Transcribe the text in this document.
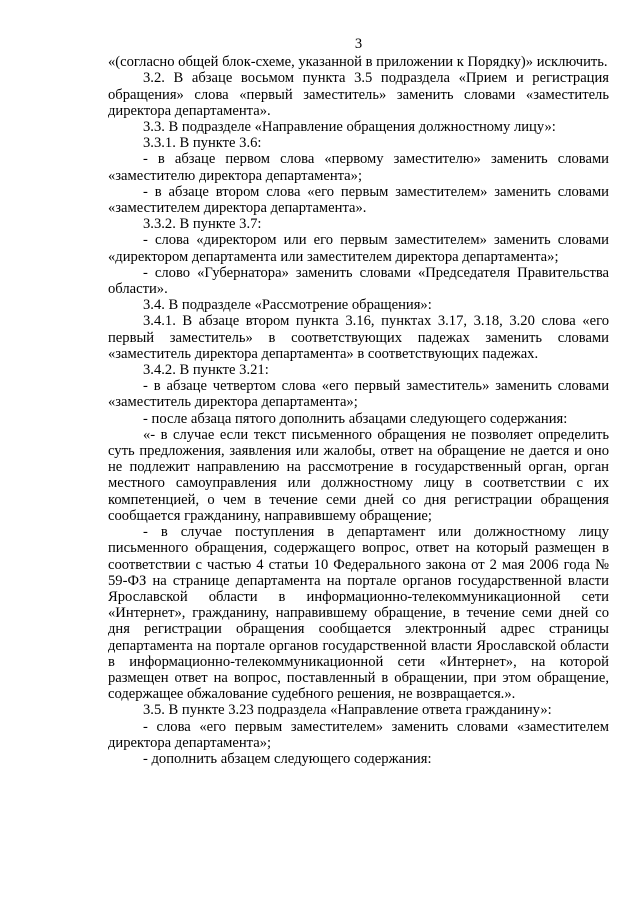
3

«(согласно общей блок-схеме, указанной в приложении к Порядку)» исключить.

3.2. В абзаце восьмом пункта 3.5 подраздела «Прием и регистрация обращения» слова «первый заместитель» заменить словами «заместитель директора департамента».

3.3. В подразделе «Направление обращения должностному лицу»:

3.3.1. В пункте 3.6:

- в абзаце первом слова «первому заместителю» заменить словами «заместителю директора департамента»;

- в абзаце втором слова «его первым заместителем» заменить словами «заместителем директора департамента».

3.3.2. В пункте 3.7:

- слова «директором или его первым заместителем» заменить словами «директором департамента или заместителем директора департамента»;

- слово «Губернатора» заменить словами «Председателя Правительства области».

3.4. В подразделе «Рассмотрение обращения»:

3.4.1. В абзаце втором пункта 3.16, пунктах 3.17, 3.18, 3.20 слова «его первый заместитель» в соответствующих падежах заменить словами «заместитель директора департамента» в соответствующих падежах.

3.4.2. В пункте 3.21:

- в абзаце четвертом слова «его первый заместитель» заменить словами «заместитель директора департамента»;

- после абзаца пятого дополнить абзацами следующего содержания:

«- в случае если текст письменного обращения не позволяет определить суть предложения, заявления или жалобы, ответ на обращение не дается и оно не подлежит направлению на рассмотрение в государственный орган, орган местного самоуправления или должностному лицу в соответствии с их компетенцией, о чем в течение семи дней со дня регистрации обращения сообщается гражданину, направившему обращение;

- в случае поступления в департамент или должностному лицу письменного обращения, содержащего вопрос, ответ на который размещен в соответствии с частью 4 статьи 10 Федерального закона от 2 мая 2006 года № 59-ФЗ на странице департамента на портале органов государственной власти Ярославской области в информационно-телекоммуникационной сети «Интернет», гражданину, направившему обращение, в течение семи дней со дня регистрации обращения сообщается электронный адрес страницы департамента на портале органов государственной власти Ярославской области в информационно-телекоммуникационной сети «Интернет», на которой размещен ответ на вопрос, поставленный в обращении, при этом обращение, содержащее обжалование судебного решения, не возвращается.».

3.5. В пункте 3.23 подраздела «Направление ответа гражданину»:

- слова «его первым заместителем» заменить словами «заместителем директора департамента»;

- дополнить абзацем следующего содержания:
